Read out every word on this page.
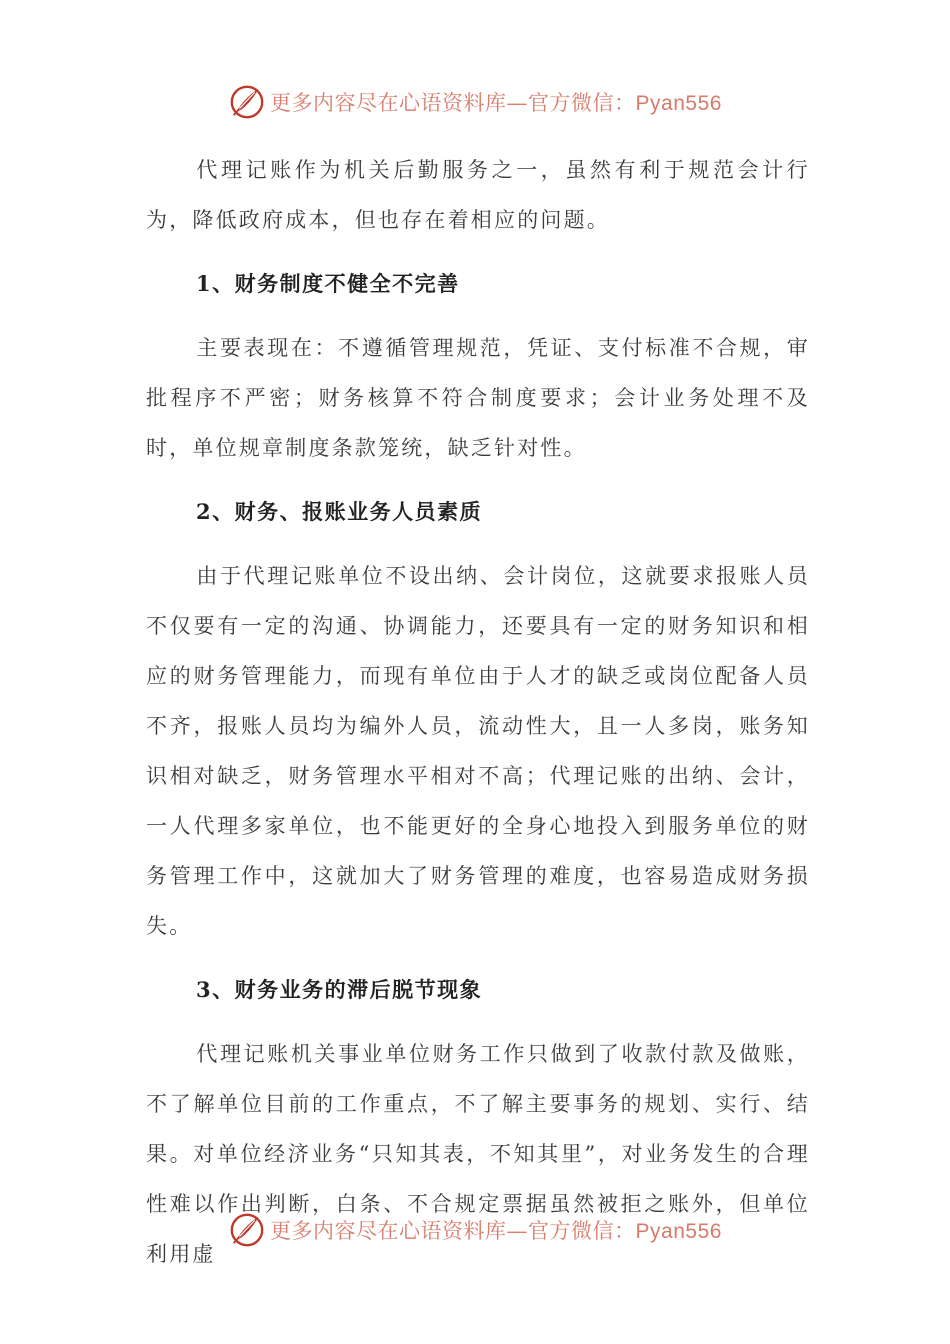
更多内容尽在心语资料库—官方微信：Pyan556

代理记账作为机关后勤服务之一，虽然有利于规范会计行为，降低政府成本，但也存在着相应的问题。

1、财务制度不健全不完善

主要表现在：不遵循管理规范，凭证、支付标准不合规，审批程序不严密；财务核算不符合制度要求；会计业务处理不及时，单位规章制度条款笼统，缺乏针对性。

2、财务、报账业务人员素质

由于代理记账单位不设出纳、会计岗位，这就要求报账人员不仅要有一定的沟通、协调能力，还要具有一定的财务知识和相应的财务管理能力，而现有单位由于人才的缺乏或岗位配备人员不齐，报账人员均为编外人员，流动性大，且一人多岗，账务知识相对缺乏，财务管理水平相对不高；代理记账的出纳、会计，一人代理多家单位，也不能更好的全身心地投入到服务单位的财务管理工作中，这就加大了财务管理的难度，也容易造成财务损失。

3、财务业务的滞后脱节现象

代理记账机关事业单位财务工作只做到了收款付款及做账，不了解单位目前的工作重点，不了解主要事务的规划、实行、结果。对单位经济业务“只知其表，不知其里”，对业务发生的合理性难以作出判断，白条、不合规定票据虽然被拒之账外，但单位利用虚

更多内容尽在心语资料库—官方微信：Pyan556
